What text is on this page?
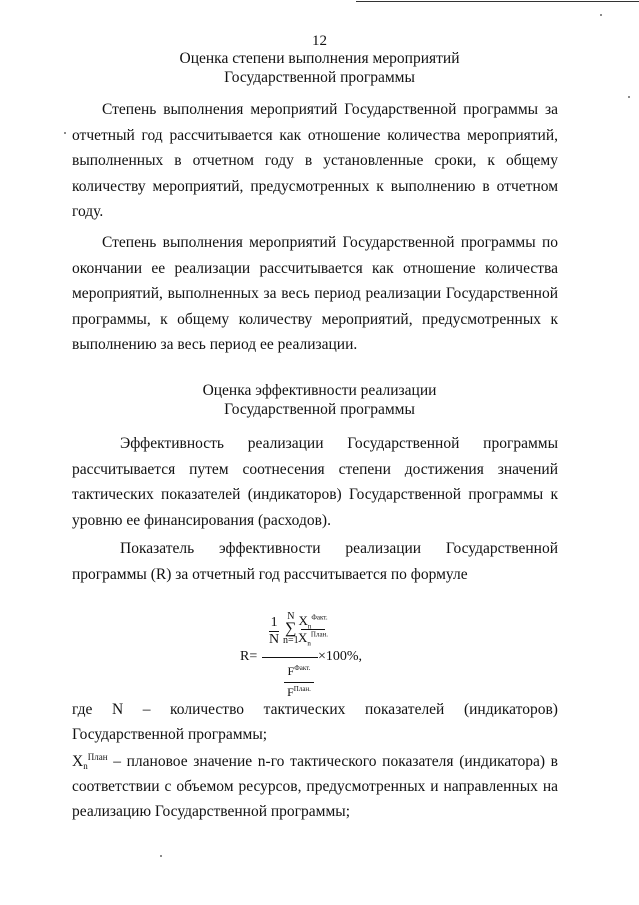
12
Оценка степени выполнения мероприятий
Государственной программы

Степень выполнения мероприятий Государственной программы за отчетный год рассчитывается как отношение количества мероприятий, выполненных в отчетном году в установленные сроки, к общему количеству мероприятий, предусмотренных к выполнению в отчетном году.

Степень выполнения мероприятий Государственной программы по окончании ее реализации рассчитывается как отношение количества мероприятий, выполненных за весь период реализации Государственной программы, к общему количеству мероприятий, предусмотренных к выполнению за весь период ее реализации.

Оценка эффективности реализации
Государственной программы

Эффективность реализации Государственной программы рассчитывается путем соотнесения степени достижения значений тактических показателей (индикаторов) Государственной программы к уровню ее финансирования (расходов).

Показатель эффективности реализации Государственной программы (R) за отчетный год рассчитывается по формуле

R=
1
N
N
∑
n=1
$X_n^{Факт.}$
$X_n^{План.}$
$F^{Факт.}$
$F^{План.}$
×100%,
где N – количество тактических показателей (индикаторов)

Государственной программы;

$X_n^{План}$ – плановое значение n-го тактического показателя (индикатора) в соответствии с объемом ресурсов, предусмотренных и направленных на реализацию Государственной программы;
